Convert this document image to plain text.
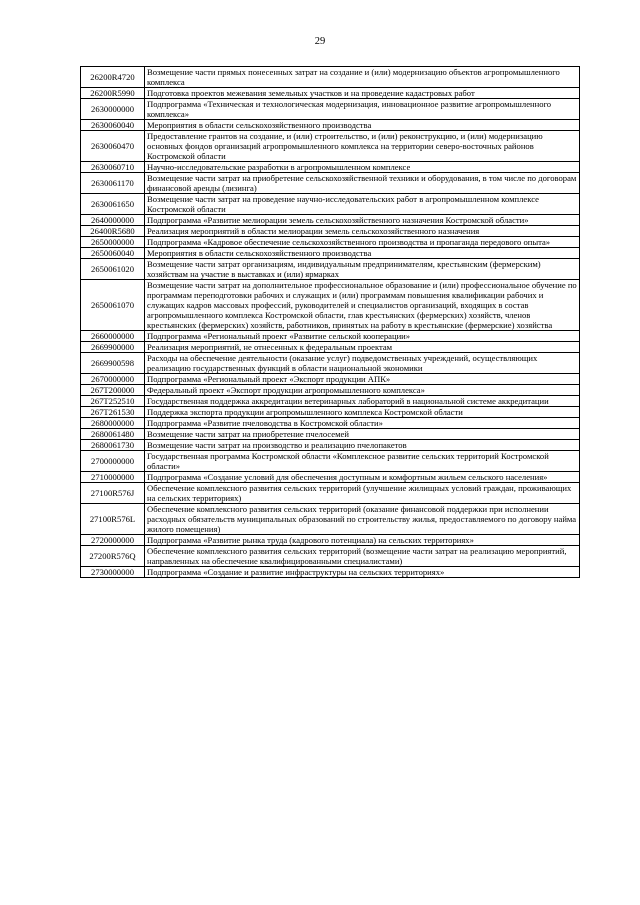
29
26200R4720	Возмещение части прямых понесенных затрат на создание и (или) модернизацию объектов агропромышленного комплекса
26200R5990	Подготовка проектов межевания земельных участков и на проведение кадастровых работ
2630000000	Подпрограмма «Техническая и технологическая модернизация, инновационное развитие агропромышленного комплекса»
2630060040	Мероприятия в области сельскохозяйственного производства
2630060470	Предоставление грантов на создание, и (или) строительство, и (или) реконструкцию, и (или) модернизацию основных фондов организаций агропромышленного комплекса на территории северо-восточных районов Костромской области
2630060710	Научно-исследовательские разработки в агропромышленном комплексе
2630061170	Возмещение части затрат на приобретение сельскохозяйственной техники и оборудования, в том числе по договорам финансовой аренды (лизинга)
2630061650	Возмещение части затрат на проведение научно-исследовательских работ в агропромышленном комплексе Костромской области
2640000000	Подпрограмма «Развитие мелиорации земель сельскохозяйственного назначения Костромской области»
26400R5680	Реализация мероприятий в области мелиорации земель сельскохозяйственного назначения
2650000000	Подпрограмма «Кадровое обеспечение сельскохозяйственного производства и пропаганда передового опыта»
2650060040	Мероприятия в области сельскохозяйственного производства
2650061020	Возмещение части затрат организациям, индивидуальным предпринимателям, крестьянским (фермерским) хозяйствам на участие в выставках и (или) ярмарках
2650061070	Возмещение части затрат на дополнительное профессиональное образование и (или) профессиональное обучение по программам переподготовки рабочих и служащих и (или) программам повышения квалификации рабочих и служащих кадров массовых профессий, руководителей и специалистов организаций, входящих в состав агропромышленного комплекса Костромской области, глав крестьянских (фермерских) хозяйств, членов крестьянских (фермерских) хозяйств, работников, принятых на работу в крестьянские (фермерские) хозяйства
2660000000	Подпрограмма «Региональный проект «Развитие сельской кооперации»
2669900000	Реализация мероприятий, не отнесенных к федеральным проектам
2669900598	Расходы на обеспечение деятельности (оказание услуг) подведомственных учреждений, осуществляющих реализацию государственных функций в области национальной экономики
2670000000	Подпрограмма «Региональный проект «Экспорт продукции АПК»
267T200000	Федеральный проект «Экспорт продукции агропромышленного комплекса»
267T252510	Государственная поддержка аккредитации ветеринарных лабораторий в национальной системе аккредитации
267T261530	Поддержка экспорта продукции агропромышленного комплекса Костромской области
2680000000	Подпрограмма «Развитие пчеловодства в Костромской области»
2680061480	Возмещение части затрат на приобретение пчелосемей
2680061730	Возмещение части затрат на производство и реализацию пчелопакетов
2700000000	Государственная программа Костромской области «Комплексное развитие сельских территорий Костромской области»
2710000000	Подпрограмма «Создание условий для обеспечения доступным и комфортным жильем сельского населения»
27100R576J	Обеспечение комплексного развития сельских территорий (улучшение жилищных условий граждан, проживающих на сельских территориях)
27100R576L	Обеспечение комплексного развития сельских территорий (оказание финансовой поддержки при исполнении расходных обязательств муниципальных образований по строительству жилья, предоставляемого по договору найма жилого помещения)
2720000000	Подпрограмма «Развитие рынка труда (кадрового потенциала) на сельских территориях»
27200R576Q	Обеспечение комплексного развития сельских территорий (возмещение части затрат на реализацию мероприятий, направленных на обеспечение квалифицированными специалистами)
2730000000	Подпрограмма «Создание и развитие инфраструктуры на сельских территориях»
